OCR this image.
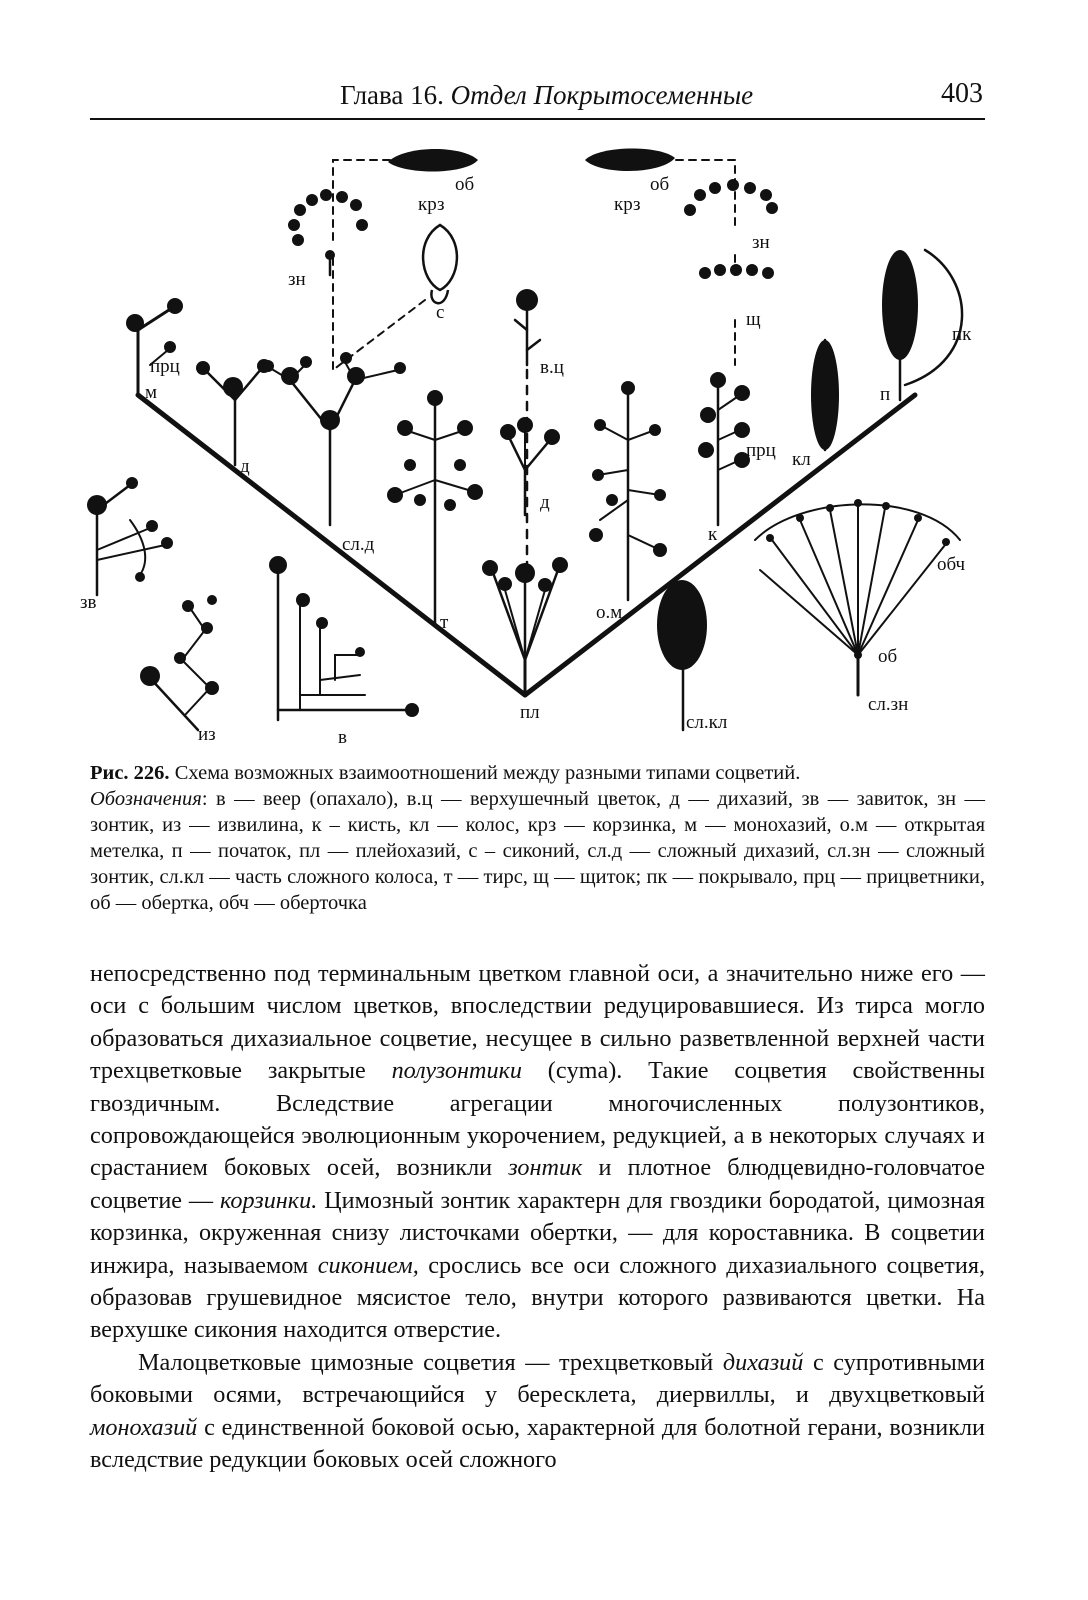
Глава 16. Отдел Покрытосеменные	403
прц
м
д
зн
крз
об
с
сл.д
т
в.ц
д
пл
о.м
крз
об
зн
щ
прц
к
кл
п
пк
обч
об
сл.зн
сл.кл
зв
из	в
Рис. 226. Схема возможных взаимоотношений между разными типами соцветий.
Обозначения: в — веер (опахало), в.ц — верхушечный цветок, д — дихазий, зв — завиток, зн — зонтик, из — извилина, к – кисть, кл — колос, крз — корзинка, м — монохазий, о.м — открытая метелка, п — початок, пл — плейохазий, с – сиконий, сл.д — сложный дихазий, сл.зн — сложный зонтик, сл.кл — часть сложного колоса, т — тирс, щ — щиток; пк — покрывало, прц — прицветники, об — обертка, обч — оберточка

непосредственно под терминальным цветком главной оси, а значительно ниже его — оси с большим числом цветков, впоследствии редуцировавшиеся. Из тирса могло образоваться дихазиальное соцветие, несущее в сильно разветвленной верхней части трехцветковые закрытые полузонтики (cyma). Такие соцветия свойственны гвоздичным. Вследствие агрегации многочисленных полузонтиков, сопровождающейся эволюционным укорочением, редукцией, а в некоторых случаях и срастанием боковых осей, возникли зонтик и плотное блюдцевидно-головчатое соцветие — корзинки. Цимозный зонтик характерн для гвоздики бородатой, цимозная корзинка, окруженная снизу листочками обертки, — для короставника. В соцветии инжира, называемом сиконием, срослись все оси сложного дихазиального соцветия, образовав грушевидное мясистое тело, внутри которого развиваются цветки. На верхушке сикония находится отверстие.

Малоцветковые цимозные соцветия — трехцветковый дихазий с супротивными боковыми осями, встречающийся у бересклета, диервиллы, и двухцветковый монохазий с единственной боковой осью, характерной для болотной герани, возникли вследствие редукции боковых осей сложного
